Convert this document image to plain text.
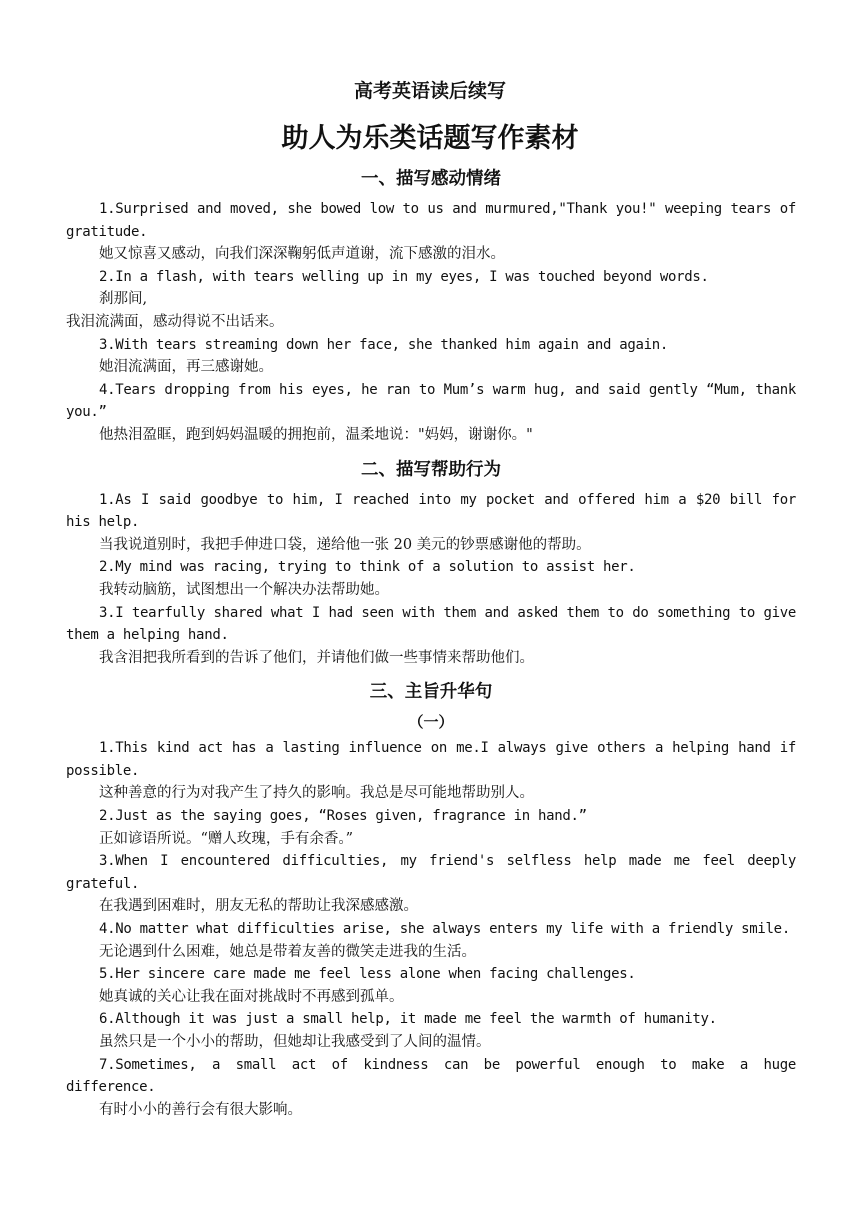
高考英语读后续写
助人为乐类话题写作素材
一、描写感动情绪

1.Surprised and moved, she bowed low to us and murmured,"Thank you!" weeping tears of gratitude.

她又惊喜又感动，向我们深深鞠躬低声道谢，流下感激的泪水。

2.In a flash, with tears welling up in my eyes, I was touched beyond words.

刹那间,

我泪流满面，感动得说不出话来。

3.With tears streaming down her face, she thanked him again and again.

她泪流满面，再三感谢她。

4.Tears dropping from his eyes, he ran to Mum’s warm hug, and said gently “Mum, thank you.”

他热泪盈眶，跑到妈妈温暖的拥抱前，温柔地说："妈妈，谢谢你。"

二、描写帮助行为

1.As I said goodbye to him, I reached into my pocket and offered him a $20 bill for his help.

当我说道别时，我把手伸进口袋，递给他一张 20 美元的钞票感谢他的帮助。

2.My mind was racing, trying to think of a solution to assist her.

我转动脑筋，试图想出一个解决办法帮助她。

3.I tearfully shared what I had seen with them and asked them to do something to give them a helping hand.

我含泪把我所看到的告诉了他们，并请他们做一些事情来帮助他们。

三、主旨升华句
（一）

1.This kind act has a lasting influence on me.I always give others a helping hand if possible.

这种善意的行为对我产生了持久的影响。我总是尽可能地帮助别人。

2.Just as the saying goes, “Roses given, fragrance in hand.”

正如谚语所说。“赠人玫瑰，手有余香。”

3.When I encountered difficulties, my friend's selfless help made me feel deeply grateful.

在我遇到困难时，朋友无私的帮助让我深感感激。

4.No matter what difficulties arise, she always enters my life with a friendly smile.

无论遇到什么困难，她总是带着友善的微笑走进我的生活。

5.Her sincere care made me feel less alone when facing challenges.

她真诚的关心让我在面对挑战时不再感到孤单。

6.Although it was just a small help, it made me feel the warmth of humanity.

虽然只是一个小小的帮助，但她却让我感受到了人间的温情。

7.Sometimes, a small act of kindness can be powerful enough to make a huge difference.

有时小小的善行会有很大影响。
